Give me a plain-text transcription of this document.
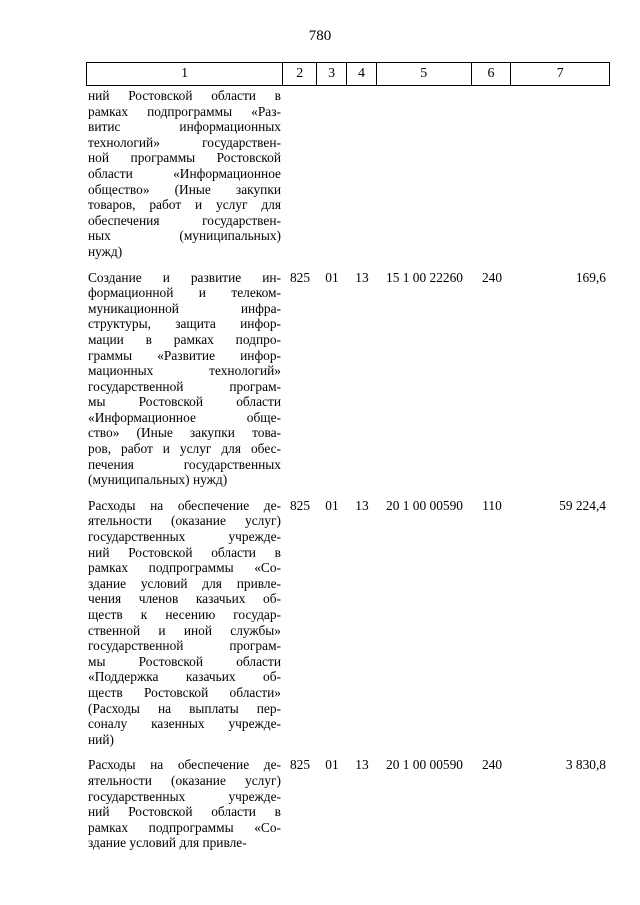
780
1	2	3	4	5	6	7
ний Ростовской области в
рамках подпрограммы «Раз-
витис информационных
технологий» государствен-
ной программы Ростовской
области «Информационное
общество» (Иные закупки
товаров, работ и услуг для
обеспечения государствен-
ных (муниципальных)
нужд)
Создание и развитие ин-
формационной и телеком-
муникационной инфра-
структуры, защита инфор-
мации в рамках подпро-
граммы «Развитие инфор-
мационных технологий»
государственной програм-
мы Ростовской области
«Информационное обще-
ство» (Иные закупки това-
ров, работ и услуг для обес-
печения государственных
(муниципальных) нужд)
825	01	13	15 1 00 22260	240	169,6
Расходы на обеспечение де-
ятельности (оказание услуг)
государственных учрежде-
ний Ростовской области в
рамках подпрограммы «Со-
здание условий для привле-
чения членов казачьих об-
ществ к несению государ-
ственной и иной службы»
государственной програм-
мы Ростовской области
«Поддержка казачьих об-
ществ Ростовской области»
(Расходы на выплаты пер-
соналу казенных учрежде-
ний)
825	01	13	20 1 00 00590	110	59 224,4
Расходы на обеспечение де-
ятельности (оказание услуг)
государственных учрежде-
ний Ростовской области в
рамках подпрограммы «Со-
здание условий для привле-
825	01	13	20 1 00 00590	240	3 830,8
